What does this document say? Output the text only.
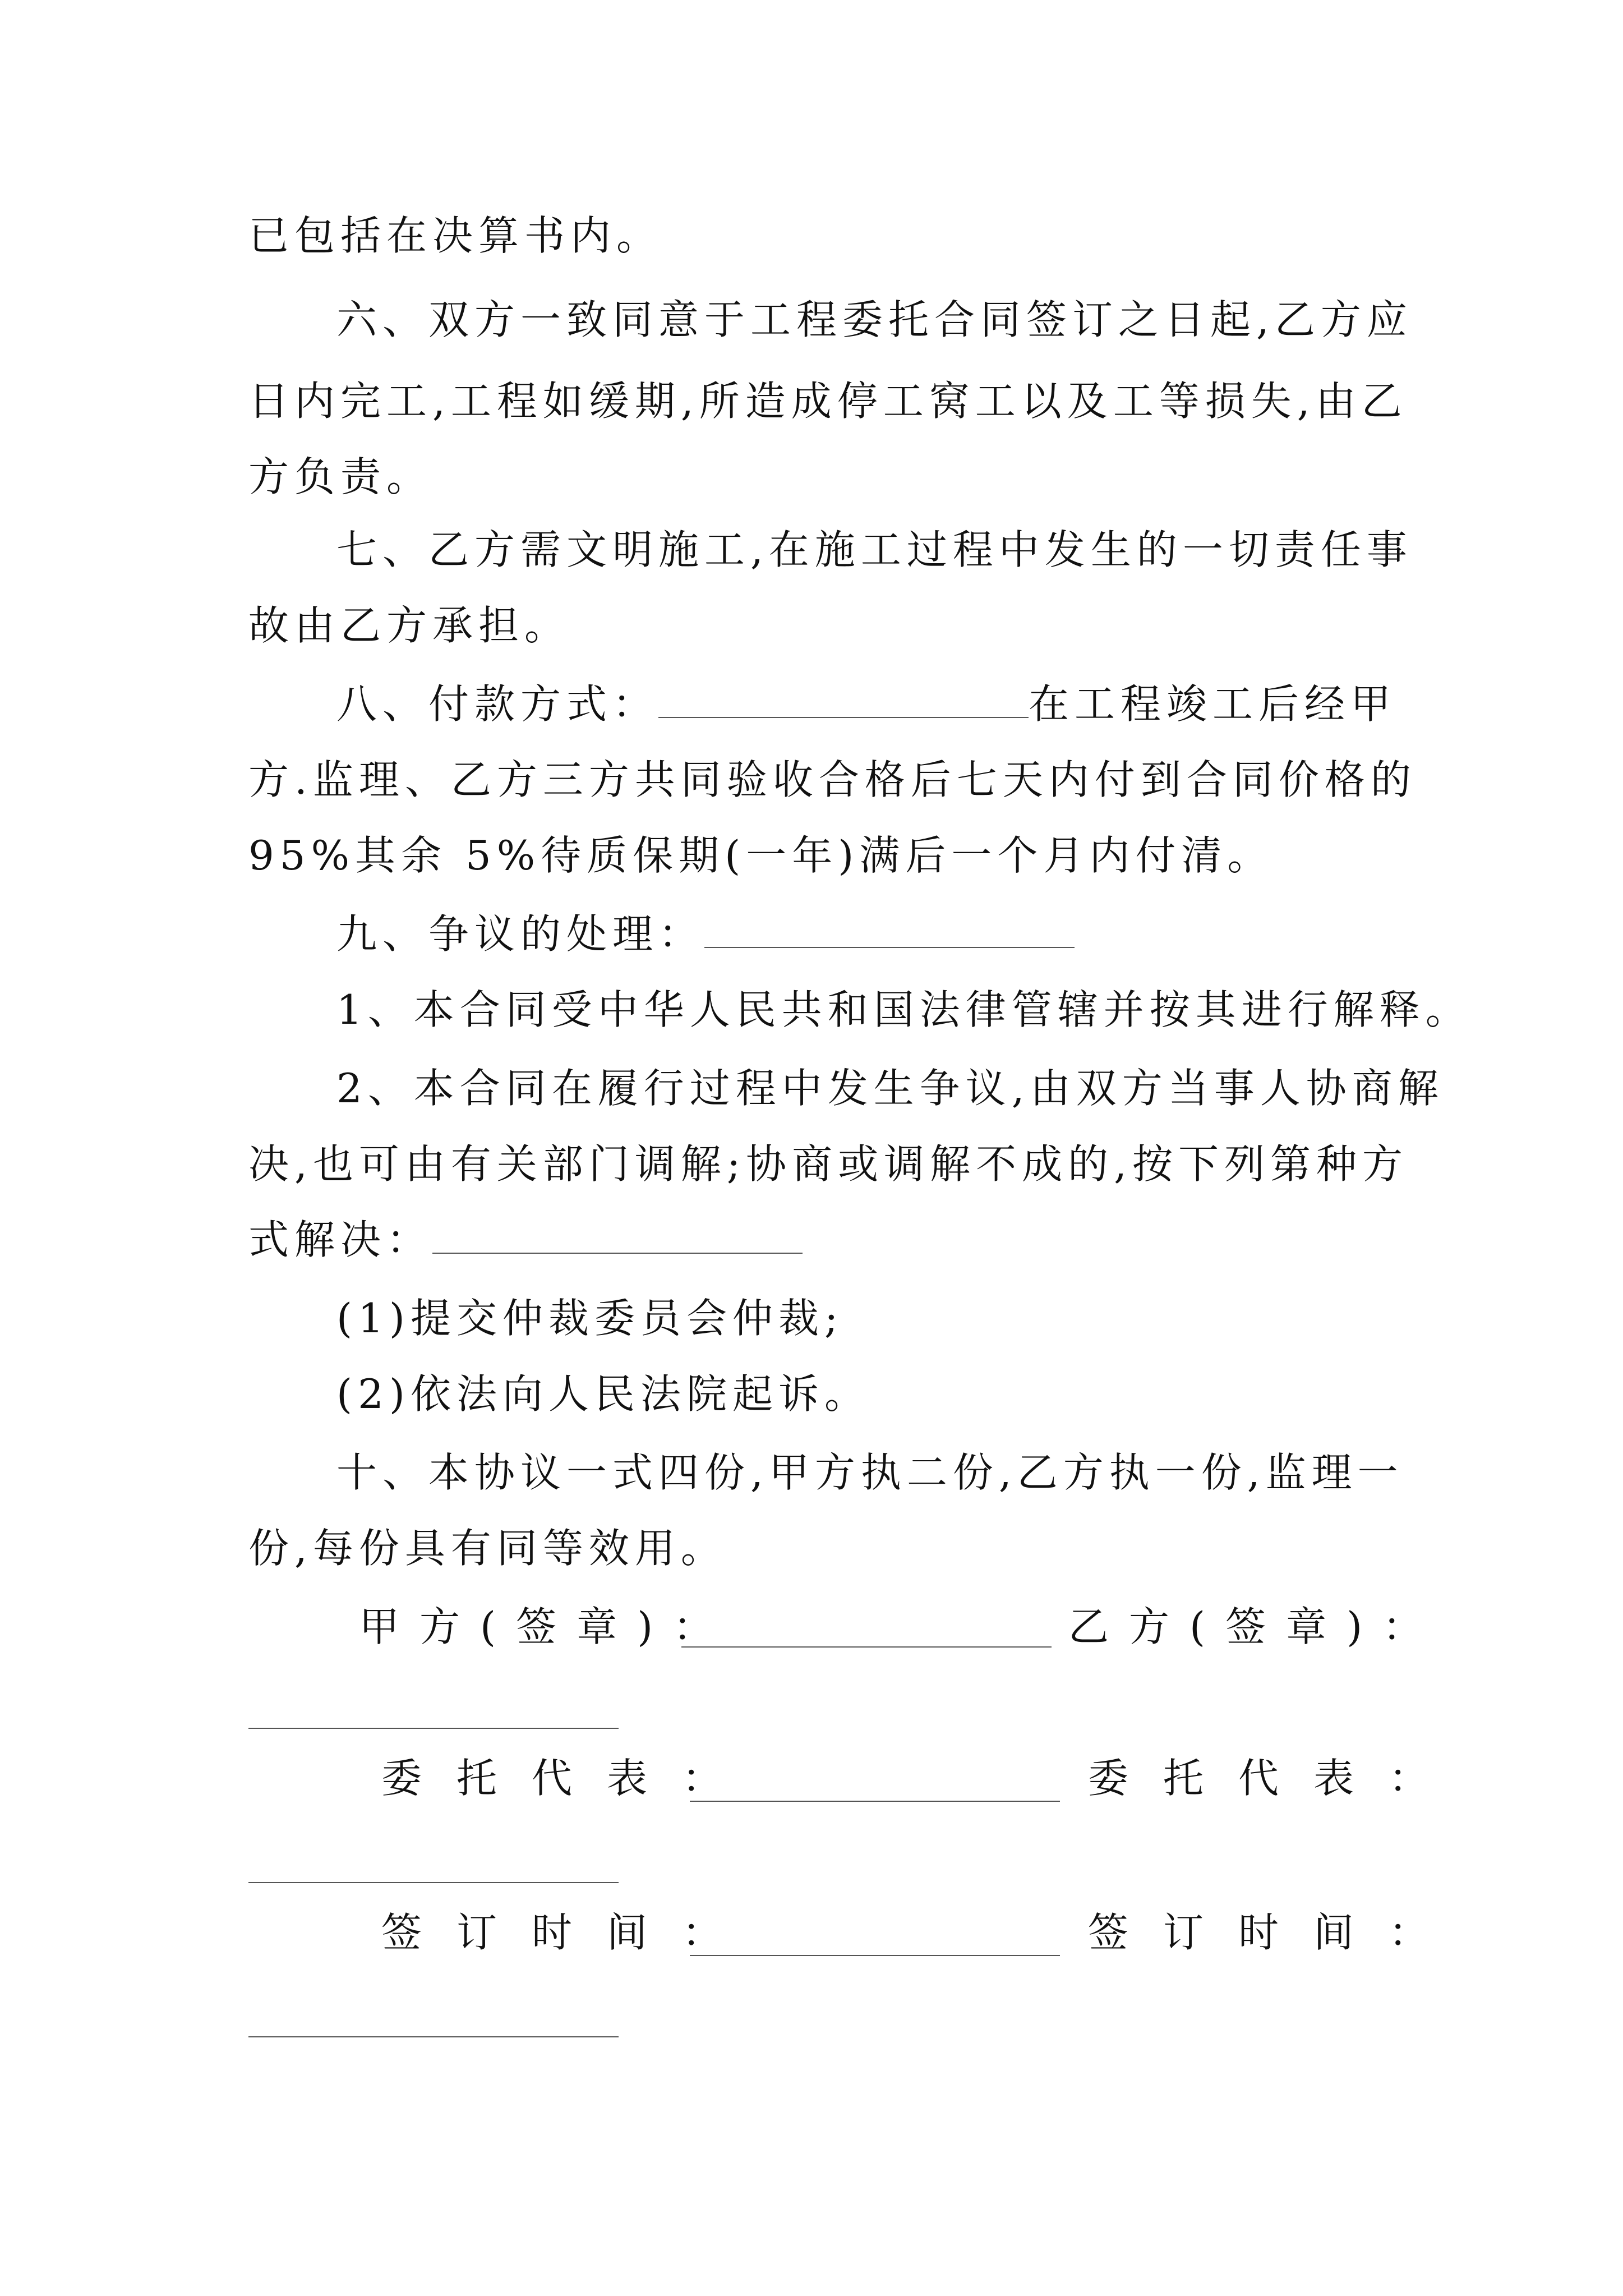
已包括在决算书内。
六、双方一致同意于工程委托合同签订之日起,乙方应
日内完工,工程如缓期,所造成停工窝工以及工等损失,由乙
方负责。
七、乙方需文明施工,在施工过程中发生的一切责任事
故由乙方承担。
八、付款方式：	在工程竣工后经甲
方.监理、乙方三方共同验收合格后七天内付到合同价格的
95%其余 5%待质保期(一年)满后一个月内付清。
九、争议的处理：
1、本合同受中华人民共和国法律管辖并按其进行解释。
2、本合同在履行过程中发生争议,由双方当事人协商解
决,也可由有关部门调解;协商或调解不成的,按下列第种方
式解决：
(1)提交仲裁委员会仲裁;
(2)依法向人民法院起诉。
十、本协议一式四份,甲方执二份,乙方执一份,监理一
份,每份具有同等效用。
甲方(签章)：	乙方(签章)：
委托代表：	委托代表：
签订时间：	签订时间：
